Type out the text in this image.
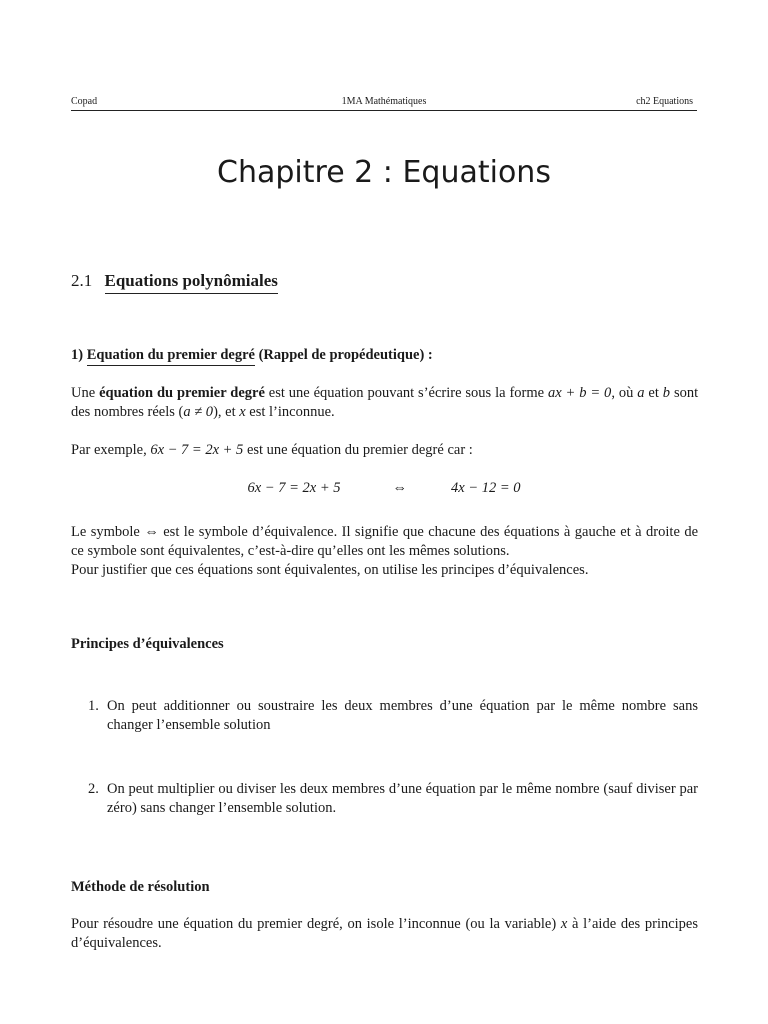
Copad	1MA Mathématiques	ch2 Equations
Chapitre 2 : Equations
2.1 Equations polynômiales
1) Equation du premier degré (Rappel de propédeutique) :

Une équation du premier degré est une équation pouvant s’écrire sous la forme ax + b = 0, où a et b sont des nombres réels (a ≠ 0), et x est l’inconnue.

Par exemple, 6x − 7 = 2x + 5 est une équation du premier degré car :

6x − 7 = 2x + 5	⇔	4x − 12 = 0

Le symbole ⇔ est le symbole d’équivalence. Il signifie que chacune des équations à gauche et à droite de ce symbole sont équivalentes, c’est-à-dire qu’elles ont les mêmes solutions.
Pour justifier que ces équations sont équivalentes, on utilise les principes d’équivalences.

Principes d’équivalences
1. On peut additionner ou soustraire les deux membres d’une équation par le même nombre sans changer l’ensemble solution
2. On peut multiplier ou diviser les deux membres d’une équation par le même nombre (sauf diviser par zéro) sans changer l’ensemble solution.
Méthode de résolution

Pour résoudre une équation du premier degré, on isole l’inconnue (ou la variable) x à l’aide des principes d’équivalences.
